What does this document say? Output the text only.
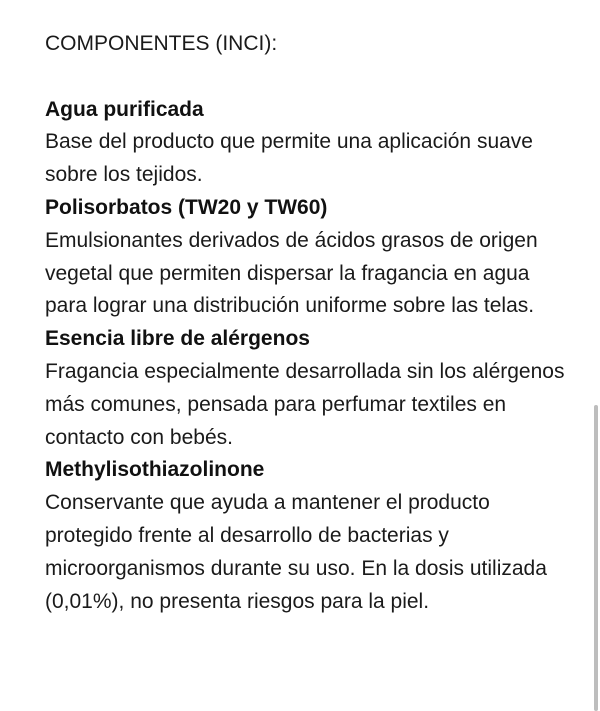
COMPONENTES (INCI):
Agua purificada
Base del producto que permite una aplicación suave sobre los tejidos.
Polisorbatos (TW20 y TW60)
Emulsionantes derivados de ácidos grasos de origen vegetal que permiten dispersar la fragancia en agua para lograr una distribución uniforme sobre las telas.
Esencia libre de alérgenos
Fragancia especialmente desarrollada sin los alérgenos más comunes, pensada para perfumar textiles en contacto con bebés.
Methylisothiazolinone
Conservante que ayuda a mantener el producto protegido frente al desarrollo de bacterias y microorganismos durante su uso. En la dosis utilizada (0,01%), no presenta riesgos para la piel.
